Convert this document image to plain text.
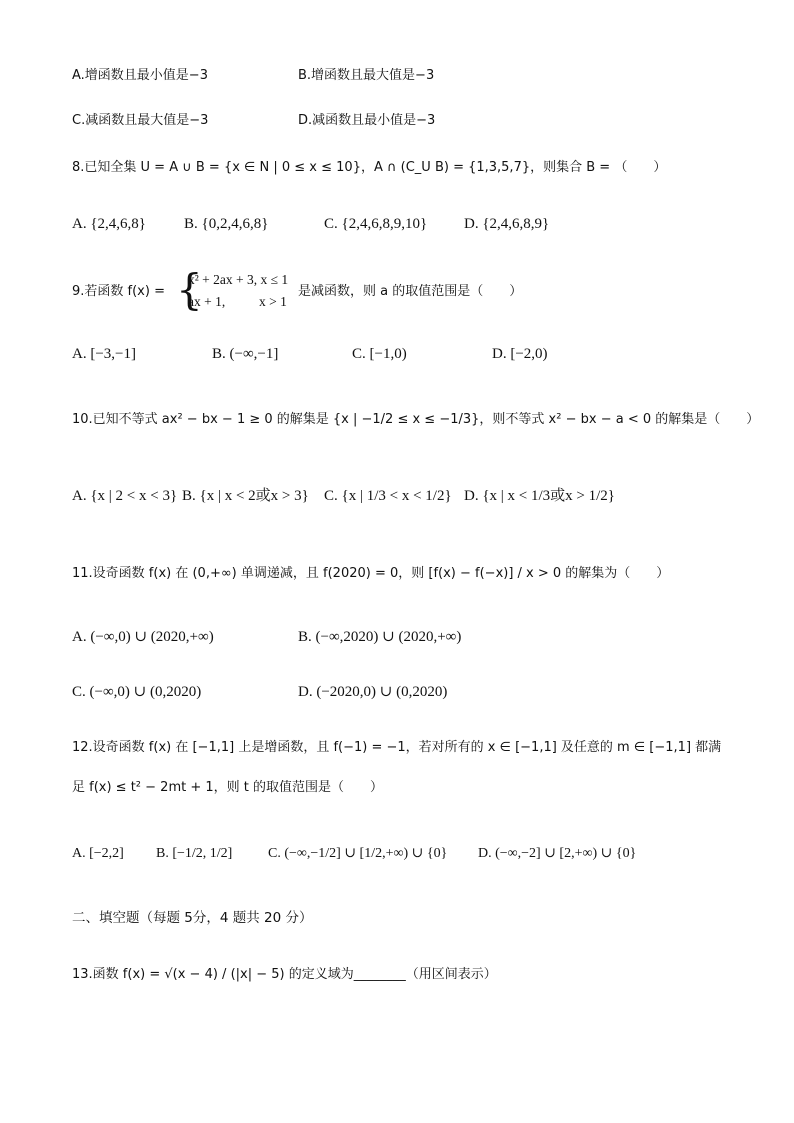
A.增函数且最小值是−3	B.增函数且最大值是−3
C.减函数且最大值是−3	D.减函数且最小值是−3
8.已知全集 U = A ∪ B = {x ∈ N | 0 ≤ x ≤ 10}，A ∩ (C_U B) = {1,3,5,7}，则集合 B = （　　）
A. {2,4,6,8}	B. {0,2,4,6,8}	C. {2,4,6,8,9,10}	D. {2,4,6,8,9}
9.若函数 f(x) = {
x² + 2ax + 3, x ≤ 1
ax + 1,          x > 1
是减函数，则 a 的取值范围是（　　）
A. [−3,−1]	B. (−∞,−1]	C. [−1,0)	D. [−2,0)
10.已知不等式 ax² − bx − 1 ≥ 0 的解集是 {x | −1/2 ≤ x ≤ −1/3}，则不等式 x² − bx − a < 0 的解集是（　　）
A. {x | 2 < x < 3} B. {x | x < 2或x > 3}	C. {x | 1/3 < x < 1/2} D. {x | x < 1/3或x > 1/2}
11.设奇函数 f(x) 在 (0,+∞) 单调递减，且 f(2020) = 0，则 [f(x) − f(−x)] / x > 0 的解集为（　　）
A. (−∞,0) ∪ (2020,+∞)	B. (−∞,2020) ∪ (2020,+∞)
C. (−∞,0) ∪ (0,2020)	D. (−2020,0) ∪ (0,2020)
12.设奇函数 f(x) 在 [−1,1] 上是增函数，且 f(−1) = −1，若对所有的 x ∈ [−1,1] 及任意的 m ∈ [−1,1] 都满
足 f(x) ≤ t² − 2mt + 1，则 t 的取值范围是（　　）
A. [−2,2]	B. [−1/2, 1/2]	C. (−∞,−1/2] ∪ [1/2,+∞) ∪ {0}	D. (−∞,−2] ∪ [2,+∞) ∪ {0}
二、填空题（每题 5分，4 题共 20 分）
13.函数 f(x) = √(x − 4) / (|x| − 5) 的定义域为________（用区间表示）
